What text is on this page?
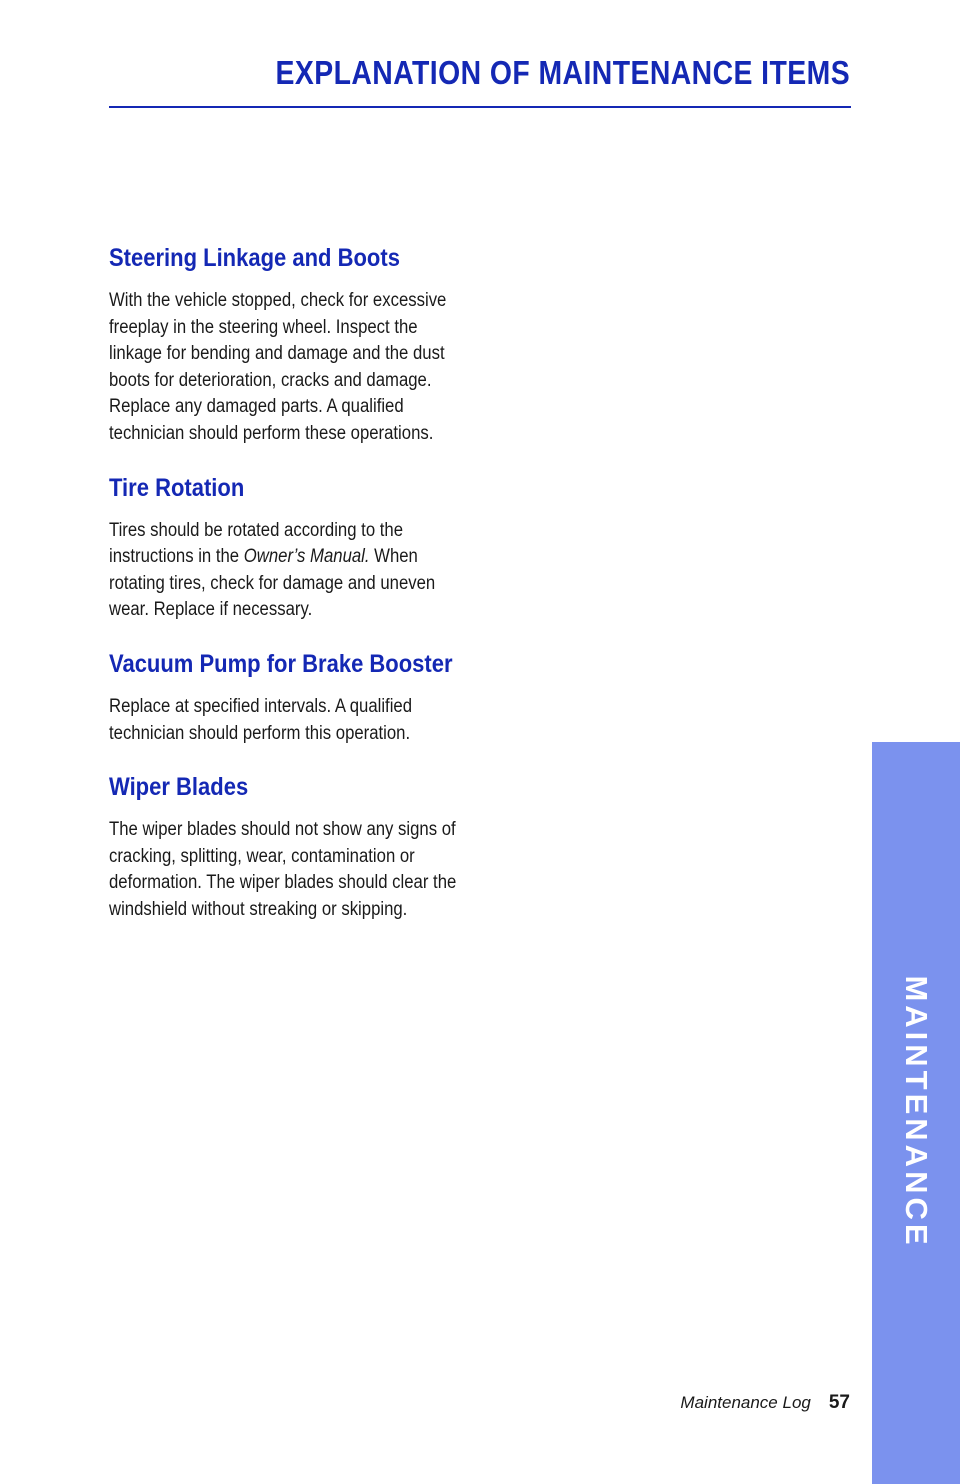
EXPLANATION OF MAINTENANCE ITEMS
Steering Linkage and Boots

With the vehicle stopped, check for excessive freeplay in the steering wheel. Inspect the linkage for bending and damage and the dust boots for deterioration, cracks and damage. Replace any damaged parts. A qualified technician should perform these operations.

Tire Rotation

Tires should be rotated according to the instructions in the Owner’s Manual. When rotating tires, check for damage and uneven wear. Replace if necessary.

Vacuum Pump for Brake Booster

Replace at specified intervals. A qualified technician should perform this operation.

Wiper Blades

The wiper blades should not show any signs of cracking, splitting, wear, contamination or deformation. The wiper blades should clear the windshield without streaking or skipping.

MAINTENANCE
Maintenance Log 57
